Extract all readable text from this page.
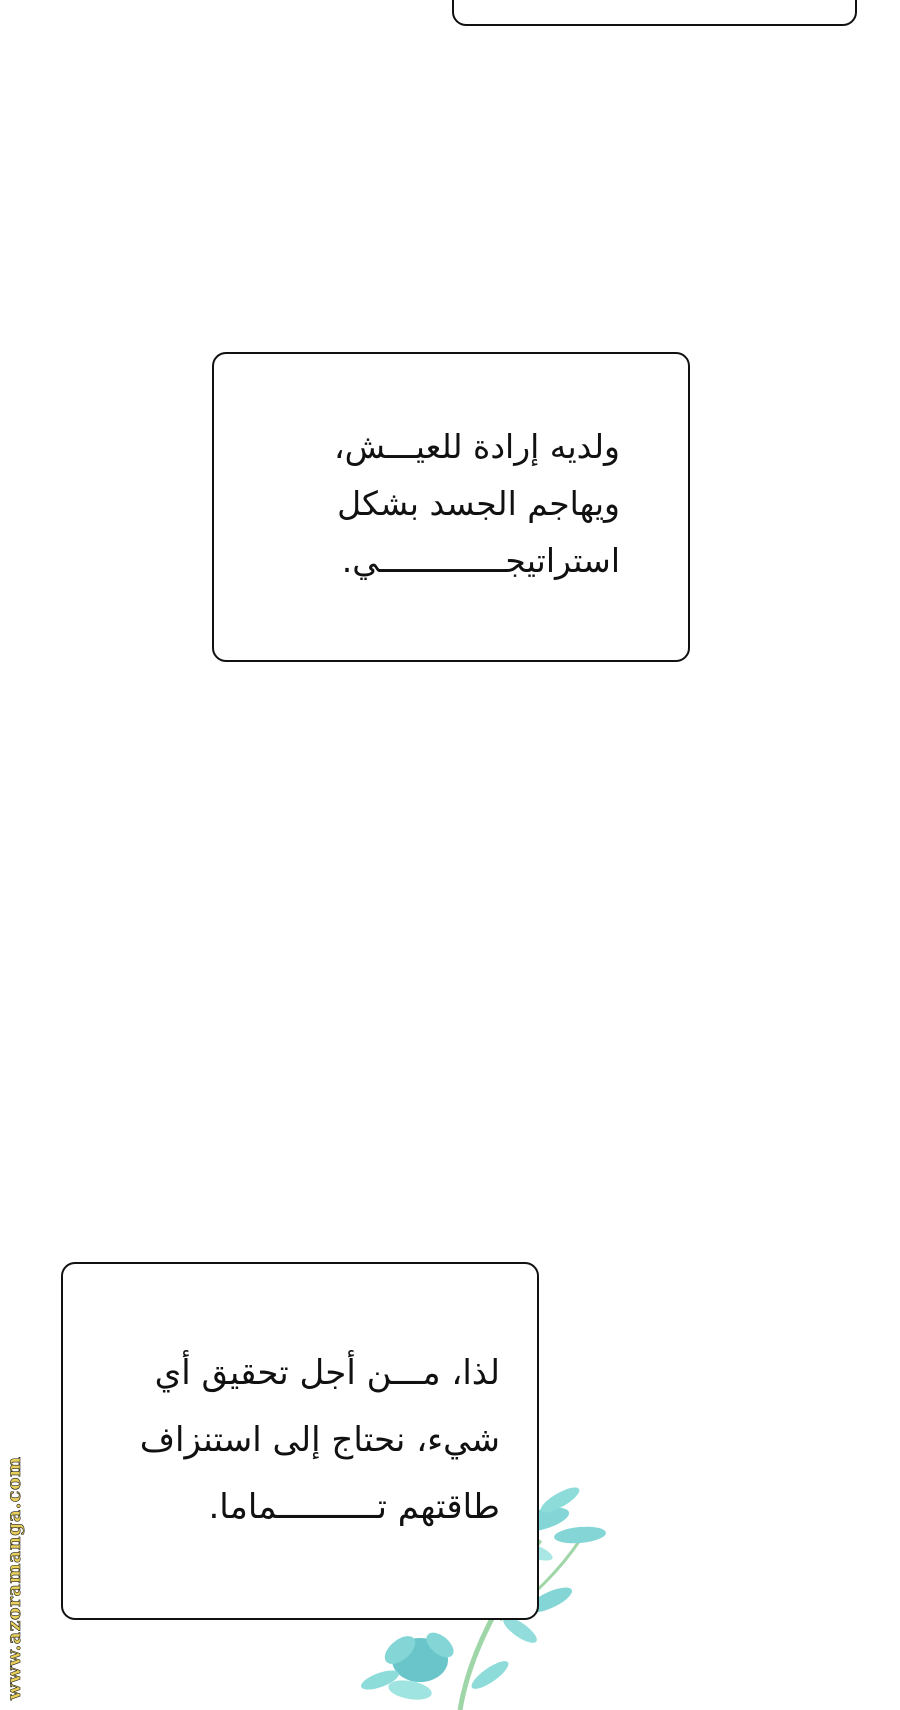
ولديه إرادة للعيـــش،
ويهاجم الجسد بشكل
استراتيجـــــــــــــي.
لذا، مـــن أجل تحقيق أي
شيء، نحتاج إلى استنزاف
طاقتهم تــــــــــماما.
www.azoramanga.com
